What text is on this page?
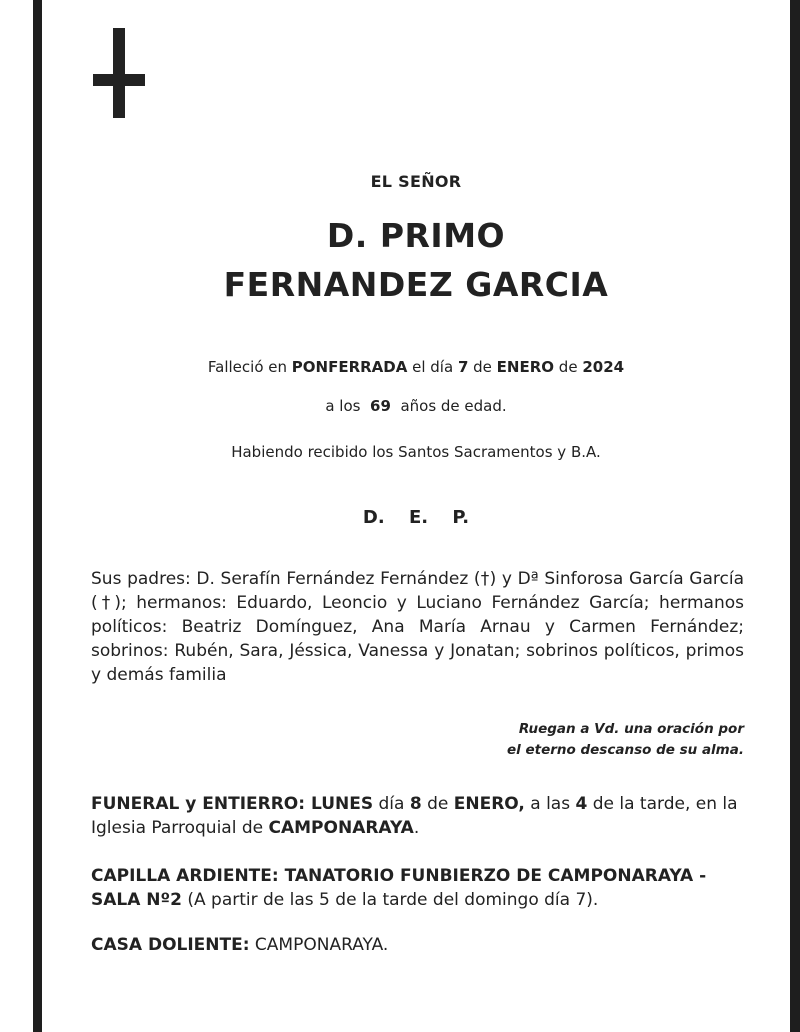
EL SEÑOR
D. PRIMO
FERNANDEZ GARCIA
Falleció en PONFERRADA el día 7 de ENERO de 2024
a los  69  años de edad.
Habiendo recibido los Santos Sacramentos y B.A.
D. E. P.
Sus padres: D. Serafín Fernández Fernández (†) y Dª Sinforosa García García (†); hermanos: Eduardo, Leoncio y Luciano Fernández García; hermanos políticos: Beatriz Domínguez, Ana María Arnau y Carmen Fernández; sobrinos: Rubén, Sara, Jéssica, Vanessa y Jonatan; sobrinos políticos, primos y demás familia
Ruegan a Vd. una oración por
el eterno descanso de su alma.
FUNERAL y ENTIERRO: LUNES día 8 de ENERO, a las 4 de la tarde, en la Iglesia Parroquial de CAMPONARAYA.
CAPILLA ARDIENTE: TANATORIO FUNBIERZO DE CAMPONARAYA - SALA Nº2 (A partir de las 5 de la tarde del domingo día 7).
CASA DOLIENTE: CAMPONARAYA.
